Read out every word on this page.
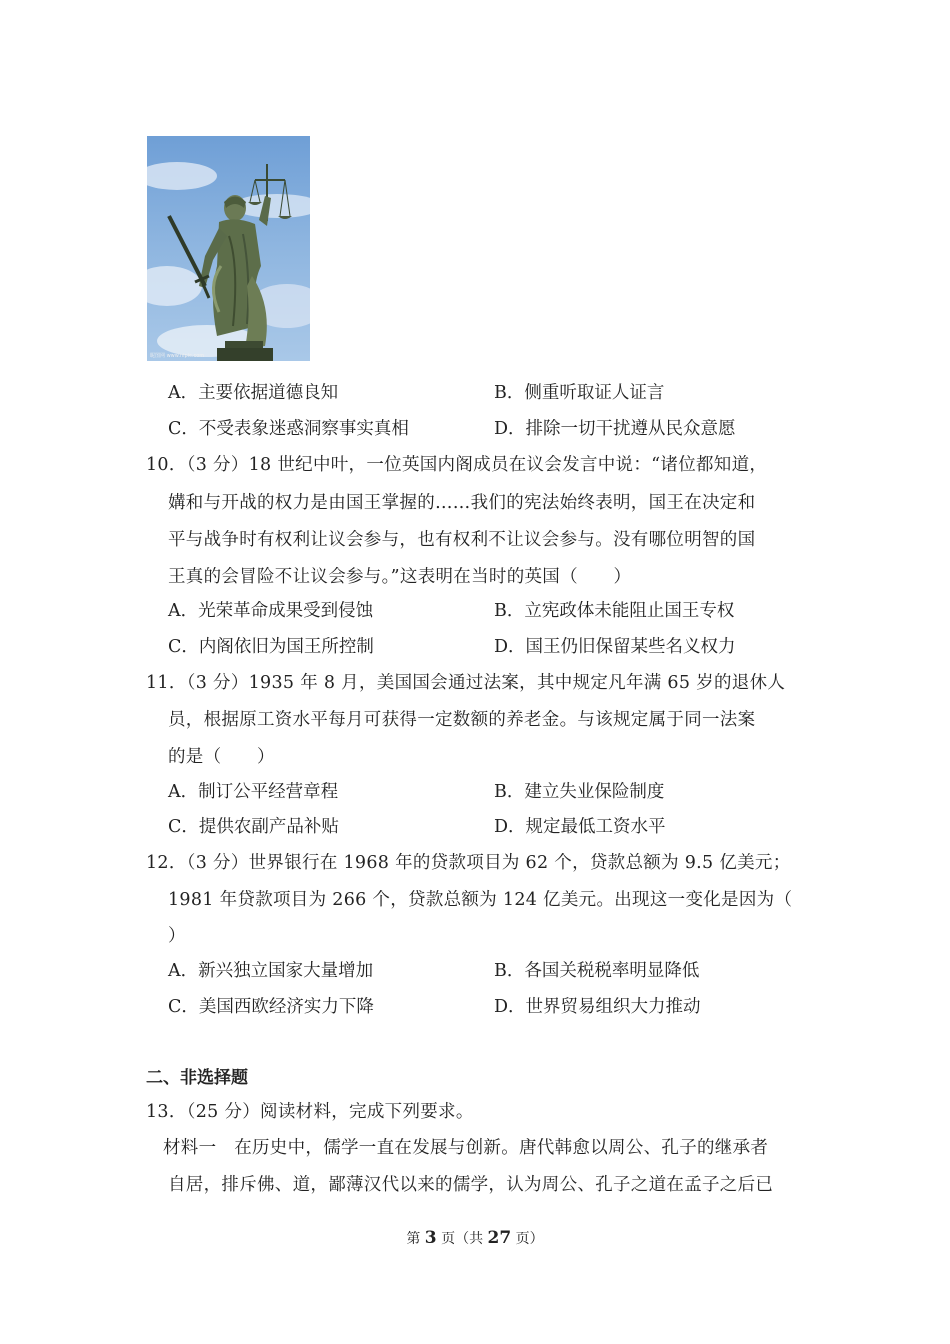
昵图网 www.nipic.com
A．主要依据道德良知	B．侧重听取证人证言
C．不受表象迷惑洞察事实真相	D．排除一切干扰遵从民众意愿
10．（3 分）18 世纪中叶，一位英国内阁成员在议会发言中说：“诸位都知道，
媾和与开战的权力是由国王掌握的……我们的宪法始终表明，国王在决定和
平与战争时有权利让议会参与，也有权利不让议会参与。没有哪位明智的国
王真的会冒险不让议会参与。”这表明在当时的英国（　　）
A．光荣革命成果受到侵蚀	B．立宪政体未能阻止国王专权
C．内阁依旧为国王所控制	D．国王仍旧保留某些名义权力
11．（3 分）1935 年 8 月，美国国会通过法案，其中规定凡年满 65 岁的退休人
员，根据原工资水平每月可获得一定数额的养老金。与该规定属于同一法案
的是（　　）
A．制订公平经营章程	B．建立失业保险制度
C．提供农副产品补贴	D．规定最低工资水平
12．（3 分）世界银行在 1968 年的贷款项目为 62 个，贷款总额为 9.5 亿美元；
1981 年贷款项目为 266 个，贷款总额为 124 亿美元。出现这一变化是因为（
）
A．新兴独立国家大量增加	B．各国关税税率明显降低
C．美国西欧经济实力下降	D．世界贸易组织大力推动
二、非选择题
13．（25 分）阅读材料，完成下列要求。
材料一　在历史中，儒学一直在发展与创新。唐代韩愈以周公、孔子的继承者
自居，排斥佛、道，鄙薄汉代以来的儒学，认为周公、孔子之道在孟子之后已
第 3 页（共 27 页）
